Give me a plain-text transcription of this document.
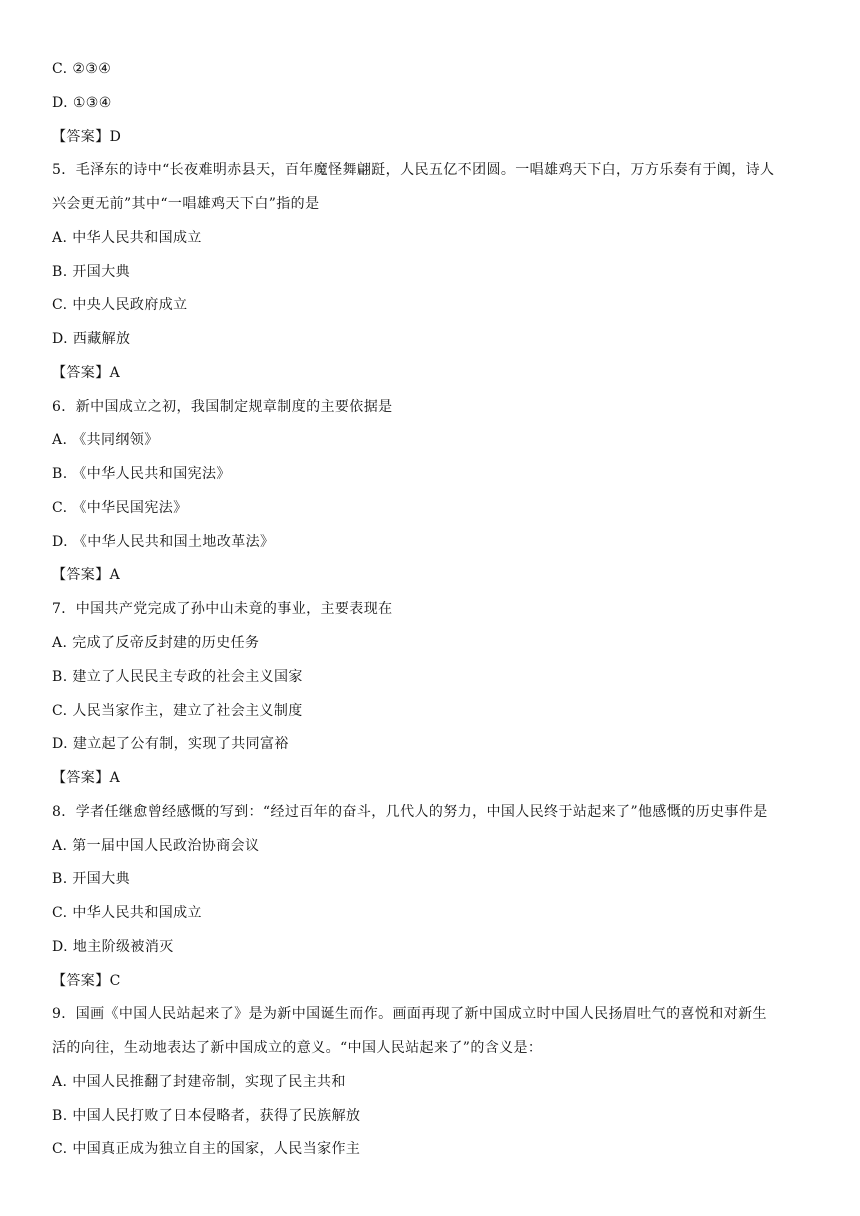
C. ②③④
D. ①③④
【答案】D
5．毛泽东的诗中“长夜难明赤县天，百年魔怪舞翩跹，人民五亿不团圆。一唱雄鸡天下白，万方乐奏有于阗，诗人
兴会更无前”其中“一唱雄鸡天下白”指的是
A. 中华人民共和国成立
B. 开国大典
C. 中央人民政府成立
D. 西藏解放
【答案】A
6．新中国成立之初，我国制定规章制度的主要依据是
A. 《共同纲领》
B. 《中华人民共和国宪法》
C. 《中华民国宪法》
D. 《中华人民共和国土地改革法》
【答案】A
7．中国共产党完成了孙中山未竟的事业，主要表现在
A. 完成了反帝反封建的历史任务
B. 建立了人民民主专政的社会主义国家
C. 人民当家作主，建立了社会主义制度
D. 建立起了公有制，实现了共同富裕
【答案】A
8．学者任继愈曾经感慨的写到：“经过百年的奋斗，几代人的努力，中国人民终于站起来了”他感慨的历史事件是
A. 第一届中国人民政治协商会议
B. 开国大典
C. 中华人民共和国成立
D. 地主阶级被消灭
【答案】C
9．国画《中国人民站起来了》是为新中国诞生而作。画面再现了新中国成立时中国人民扬眉吐气的喜悦和对新生
活的向往，生动地表达了新中国成立的意义。“中国人民站起来了”的含义是：
A. 中国人民推翻了封建帝制，实现了民主共和
B. 中国人民打败了日本侵略者，获得了民族解放
C. 中国真正成为独立自主的国家，人民当家作主
